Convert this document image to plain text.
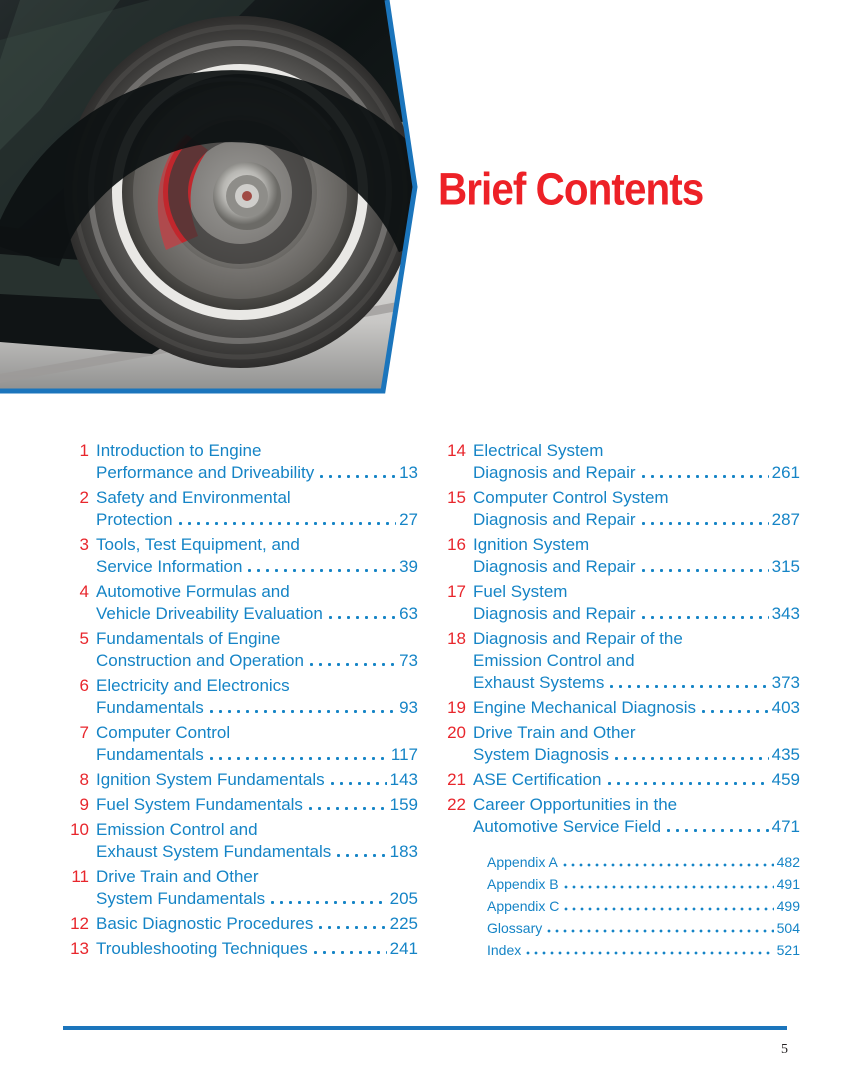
Brief Contents
1 Introduction to Engine
Performance and Driveability	13
2 Safety and Environmental
Protection	27
3 Tools, Test Equipment, and
Service Information	39
4 Automotive Formulas and
Vehicle Driveability Evaluation	63
5 Fundamentals of Engine
Construction and Operation	73
6 Electricity and Electronics
Fundamentals	93
7 Computer Control
Fundamentals	117
8 Ignition System Fundamentals	143
9 Fuel System Fundamentals	159
10 Emission Control and
Exhaust System Fundamentals	183
11 Drive Train and Other
System Fundamentals	205
12 Basic Diagnostic Procedures	225
13 Troubleshooting Techniques	241
14 Electrical System
Diagnosis and Repair	261
15 Computer Control System
Diagnosis and Repair	287
16 Ignition System
Diagnosis and Repair	315
17 Fuel System
Diagnosis and Repair	343
18 Diagnosis and Repair of the
Emission Control and
Exhaust Systems	373
19 Engine Mechanical Diagnosis	403
20 Drive Train and Other
System Diagnosis	435
21 ASE Certification	459
22 Career Opportunities in the
Automotive Service Field	471
Appendix A	482
Appendix B	491
Appendix C	499
Glossary	504
Index	521
5
